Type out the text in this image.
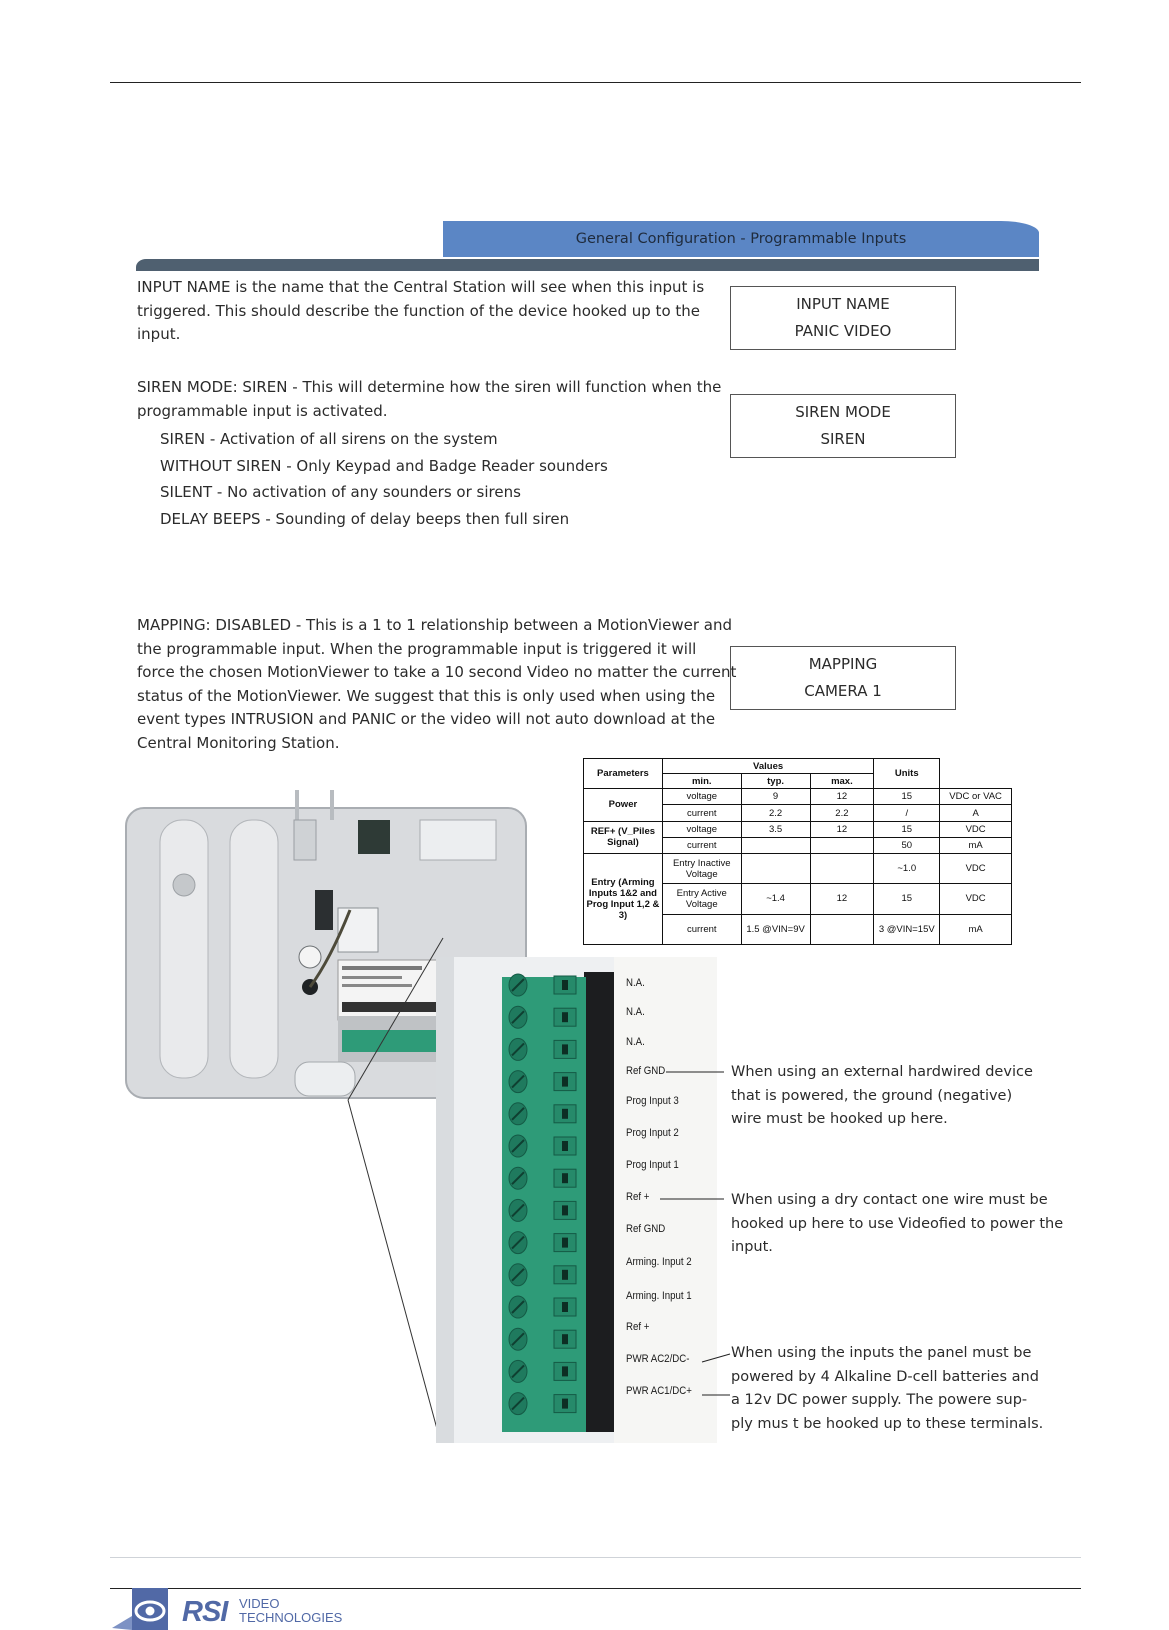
General Configuration - Programmable Inputs

INPUT NAME is the name that the Central Station will see when this input is

triggered. This should describe the function of the device hooked up to the

input.

SIREN MODE: SIREN - This will determine how the siren will function when the

programmable input is activated.

SIREN - Activation of all sirens on the system
WITHOUT SIREN - Only Keypad and Badge Reader sounders
SILENT - No activation of any sounders or sirens
DELAY BEEPS - Sounding of delay beeps then full siren

MAPPING: DISABLED - This is a 1 to 1 relationship between a MotionViewer and

the programmable input. When the programmable input is triggered it will

force the chosen MotionViewer to take a 10 second Video no matter the current

status of the MotionViewer. We suggest that this is only used when using the

event types INTRUSION and PANIC or the video will not auto download at the

Central Monitoring Station.

INPUT NAME
PANIC VIDEO
SIREN MODE
SIREN
MAPPING
CAMERA 1
Parameters	Values			Units	
	min.	typ.	max.		
Power	voltage	9	12	15	VDC or VAC
	current	2.2	2.2	/	A
REF+ (V_Piles Signal)	voltage	3.5	12	15	VDC
	current			50	mA
Entry (Arming Inputs 1&2 and Prog Input 1,2 & 3)	Entry Inactive Voltage			~1.0	VDC
	Entry Active Voltage	~1.4	12	15	VDC
	current	1.5 @VIN=9V		3 @VIN=15V	mA
N.A.
N.A.
N.A.
Ref GND
Prog Input 3
Prog Input 2
Prog Input 1
Ref +
Ref GND
Arming. Input 2
Arming. Input 1
Ref +
PWR AC2/DC-
PWR AC1/DC+
When using an external hardwired device
that is powered, the ground (negative)
wire must be hooked up here.
When using a dry contact one wire must be
hooked up here to use Videofied to power the
input.
When using the inputs the panel must be
powered by 4 Alkaline D-cell batteries and
a 12v DC power supply. The powere sup-
ply mus t be hooked up to these terminals.
RSI VIDEO
TECHNOLOGIES
